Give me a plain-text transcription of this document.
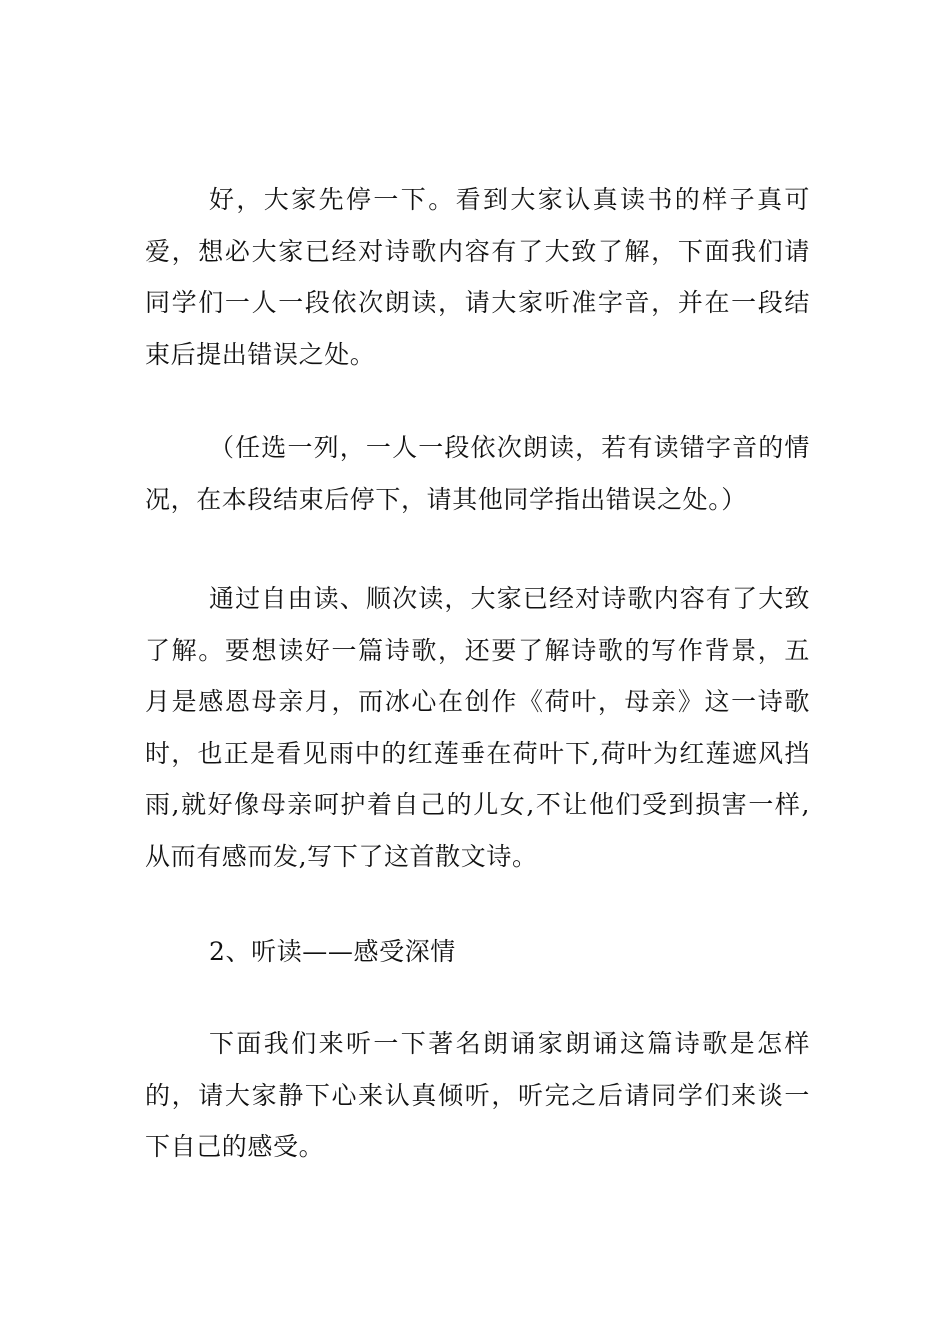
好，大家先停一下。看到大家认真读书的样子真可爱，想必大家已经对诗歌内容有了大致了解，下面我们请同学们一人一段依次朗读，请大家听准字音，并在一段结束后提出错误之处。

（任选一列，一人一段依次朗读，若有读错字音的情况，在本段结束后停下，请其他同学指出错误之处。）

通过自由读、顺次读，大家已经对诗歌内容有了大致了解。要想读好一篇诗歌，还要了解诗歌的写作背景，五月是感恩母亲月，而冰心在创作《荷叶，母亲》这一诗歌时，也正是看见雨中的红莲垂在荷叶下,荷叶为红莲遮风挡雨,就好像母亲呵护着自己的儿女,不让他们受到损害一样,从而有感而发,写下了这首散文诗。

2、听读——感受深情

下面我们来听一下著名朗诵家朗诵这篇诗歌是怎样的，请大家静下心来认真倾听，听完之后请同学们来谈一下自己的感受。
